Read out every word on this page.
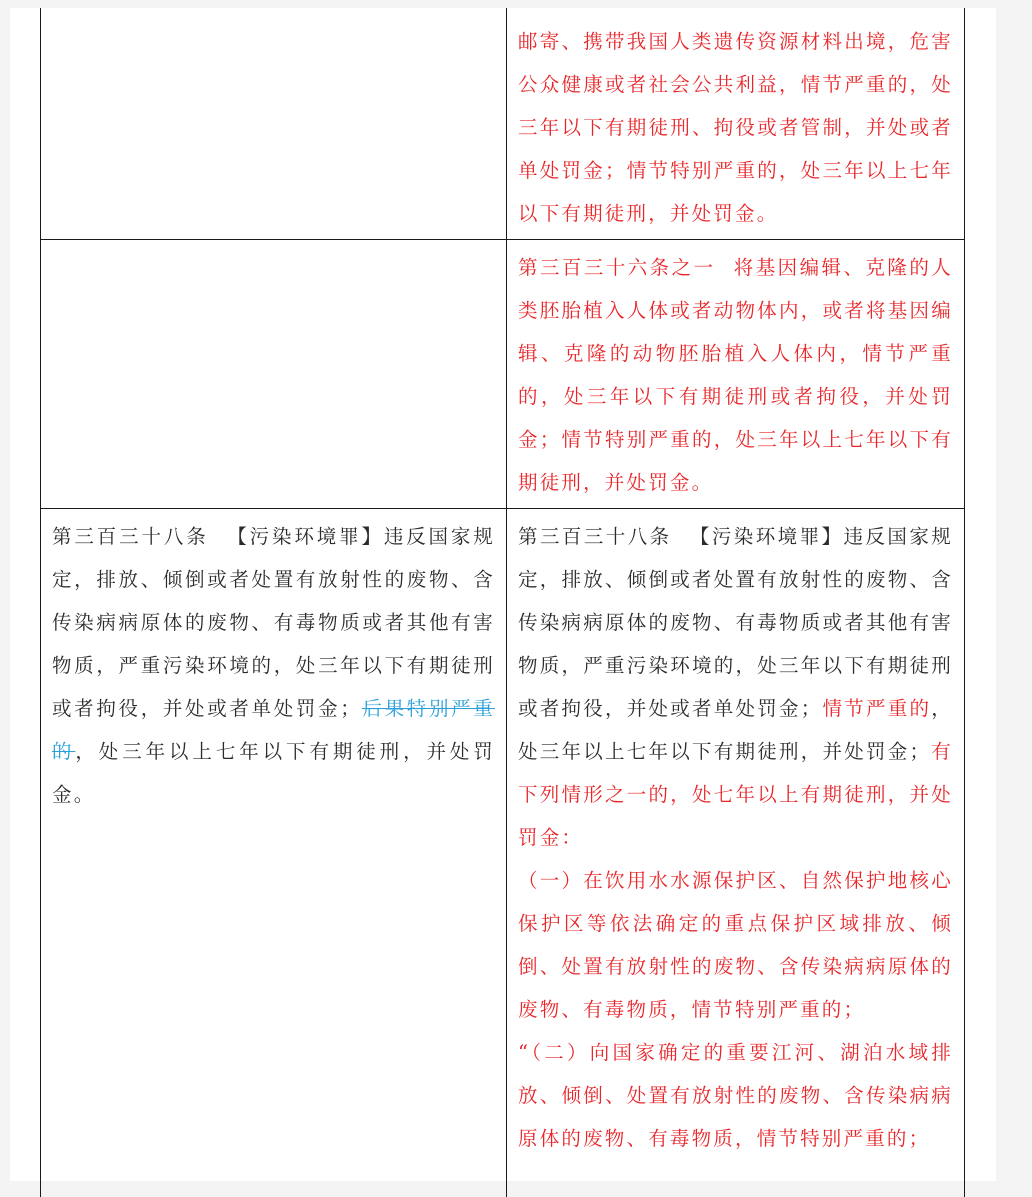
	邮寄、携带我国人类遗传资源材料出境，危害公众健康或者社会公共利益，情节严重的，处三年以下有期徒刑、拘役或者管制，并处或者单处罚金；情节特别严重的，处三年以上七年以下有期徒刑，并处罚金。
	第三百三十六条之一 将基因编辑、克隆的人类胚胎植入人体或者动物体内，或者将基因编辑、克隆的动物胚胎植入人体内，情节严重的，处三年以下有期徒刑或者拘役，并处罚金；情节特别严重的，处三年以上七年以下有期徒刑，并处罚金。
第三百三十八条 【污染环境罪】违反国家规定，排放、倾倒或者处置有放射性的废物、含传染病病原体的废物、有毒物质或者其他有害物质，严重污染环境的，处三年以下有期徒刑或者拘役，并处或者单处罚金；后果特别严重的，处三年以上七年以下有期徒刑，并处罚金。	第三百三十八条 【污染环境罪】违反国家规定，排放、倾倒或者处置有放射性的废物、含传染病病原体的废物、有毒物质或者其他有害物质，严重污染环境的，处三年以下有期徒刑或者拘役，并处或者单处罚金；情节严重的，处三年以上七年以下有期徒刑，并处罚金；有下列情形之一的，处七年以上有期徒刑，并处罚金：
（一）在饮用水水源保护区、自然保护地核心保护区等依法确定的重点保护区域排放、倾倒、处置有放射性的废物、含传染病病原体的废物、有毒物质，情节特别严重的；
“（二）向国家确定的重要江河、湖泊水域排放、倾倒、处置有放射性的废物、含传染病病原体的废物、有毒物质，情节特别严重的；
